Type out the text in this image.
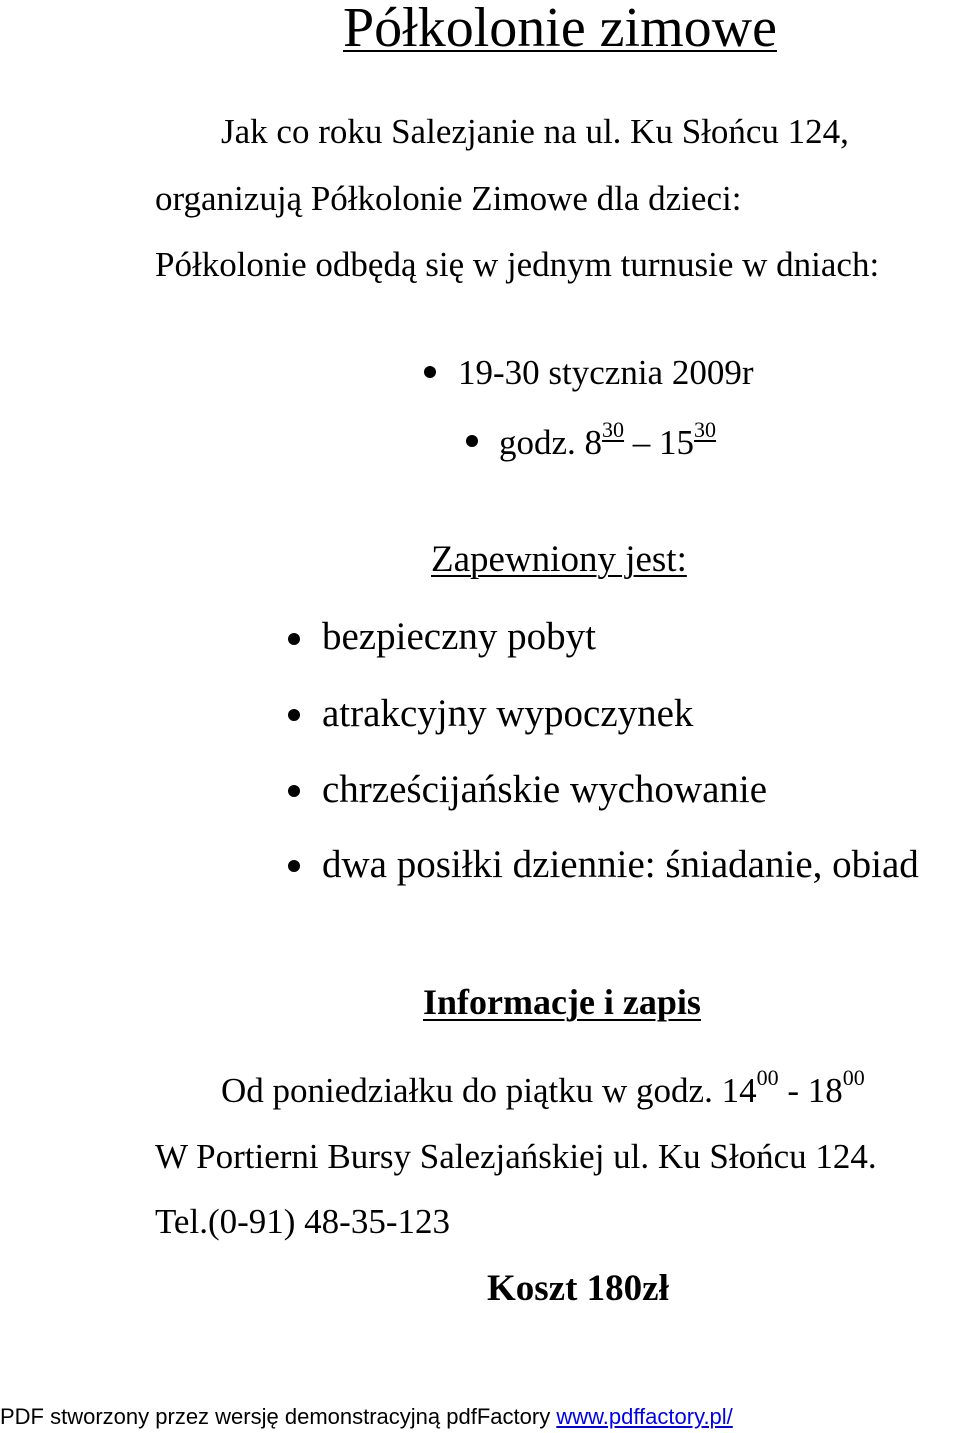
Półkolonie zimowe
Jak co roku Salezjanie na ul. Ku Słońcu 124,
organizują Półkolonie Zimowe dla dzieci:
Półkolonie odbędą się w jednym turnusie w dniach:
19-30 stycznia 2009r
godz. $8^{30} - 15^{30}$
Zapewniony jest:
bezpieczny pobyt
atrakcyjny wypoczynek
chrześcijańskie wychowanie
dwa posiłki dziennie: śniadanie, obiad
Informacje i zapis
Od poniedziałku do piątku w godz. $14^{00} - 18^{00}$
W Portierni Bursy Salezjańskiej ul. Ku Słońcu 124.
Tel.(0-91) 48-35-123
Koszt 180zł
PDF stworzony przez wersję demonstracyjną pdfFactory www.pdffactory.pl/
